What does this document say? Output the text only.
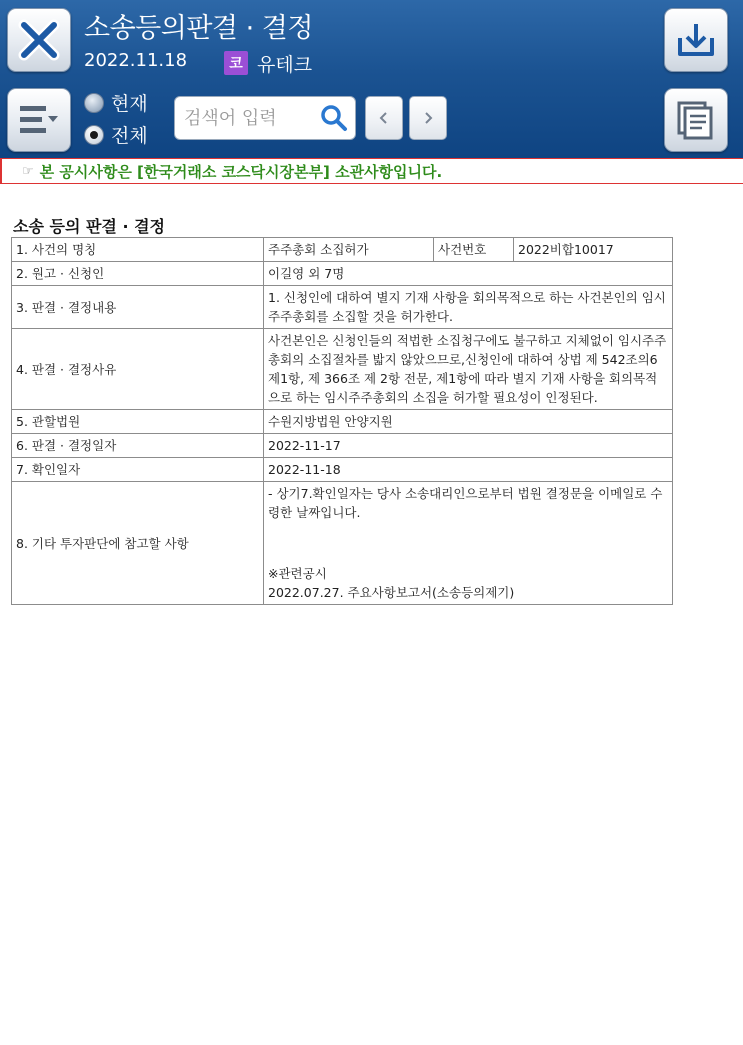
소송등의판결 · 결정
2022.11.18	코 유테크
현재
전체
검색어 입력
☞ 본 공시사항은 [한국거래소 코스닥시장본부] 소관사항입니다.
소송 등의 판결 · 결정
1. 사건의 명칭	주주총회 소집허가	사건번호	2022비합10017
2. 원고 · 신청인	이길영 외 7명		
3. 판결 · 결정내용	1. 신청인에 대하여 별지 기재 사항을 회의목적으로 하는 사건본인의 임시주주총회를 소집할 것을 허가한다.		
4. 판결 · 결정사유	사건본인은 신청인들의 적법한 소집청구에도 불구하고 지체없이 임시주주총회의 소집절차를 밟지 않았으므로,신청인에 대하여 상법 제 542조의6제1항, 제 366조 제 2항 전문, 제1항에 따라 별지 기재 사항을 회의목적으로 하는 임시주주총회의 소집을 허가할 필요성이 인정된다.		
5. 관할법원	수원지방법원 안양지원		
6. 판결 · 결정일자	2022-11-17		
7. 확인일자	2022-11-18		
8. 기타 투자판단에 참고할 사항	- 상기7.확인일자는 당사 소송대리인으로부터 법원 결정문을 이메일로 수령한 날짜입니다.
※관련공시
2022.07.27. 주요사항보고서(소송등의제기)		
